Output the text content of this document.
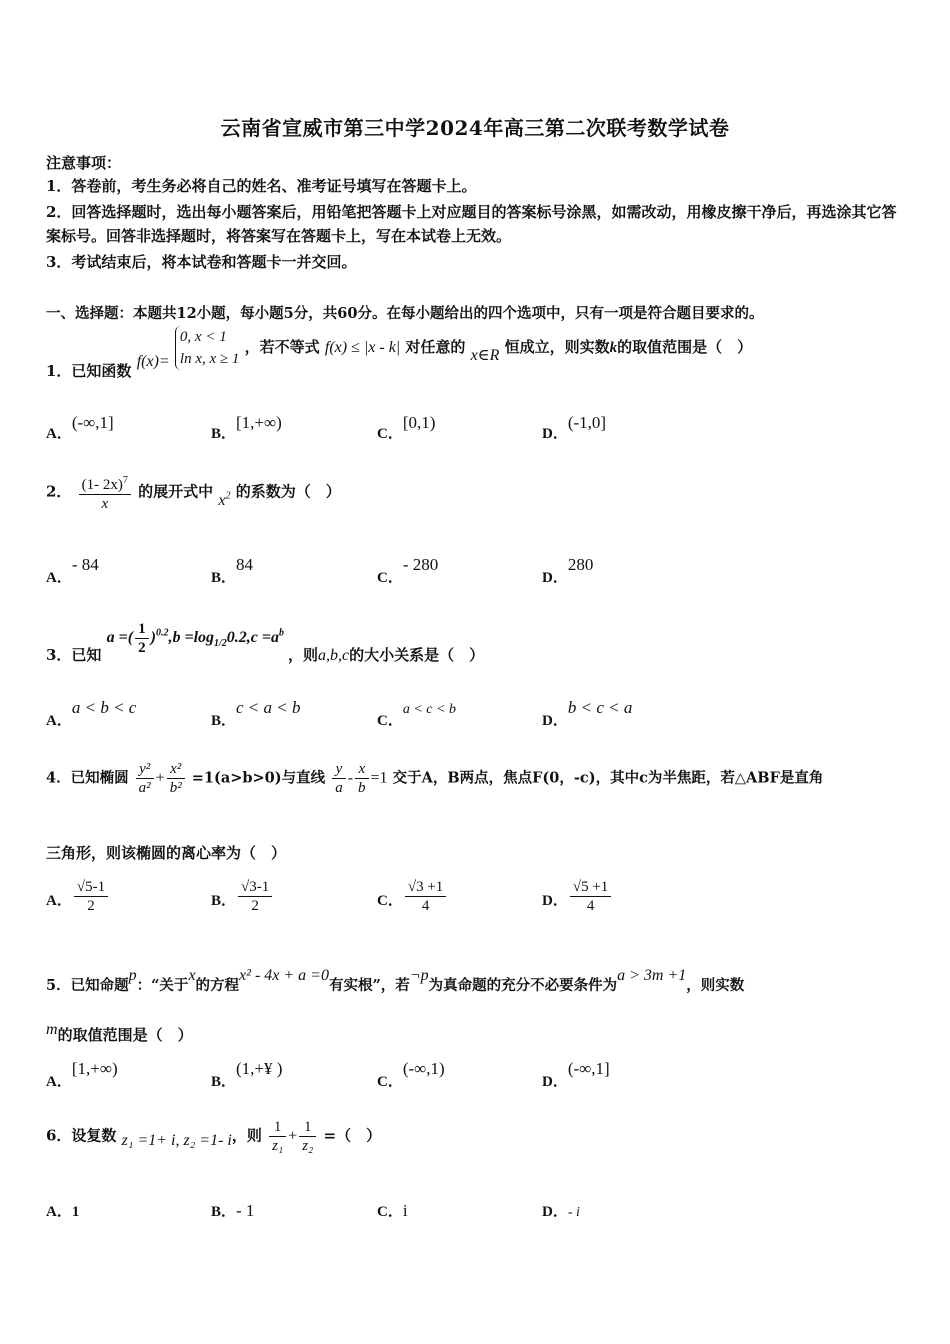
云南省宣威市第三中学2024年高三第二次联考数学试卷
注意事项：
1．答卷前，考生务必将自己的姓名、准考证号填写在答题卡上。
2．回答选择题时，选出每小题答案后，用铅笔把答题卡上对应题目的答案标号涂黑，如需改动，用橡皮擦干净后，再选涂其它答案标号。回答非选择题时，将答案写在答题卡上，写在本试卷上无效。
3．考试结束后，将本试卷和答题卡一并交回。
一、选择题：本题共12小题，每小题5分，共60分。在每小题给出的四个选项中，只有一项是符合题目要求的。
1．已知函数 f(x)=
0, x < 1
ln x, x ≥ 1
，若不等式 f(x) ≤ |x - k| 对任意的 x∈R 恒成立，则实数k的取值范围是（　）
A．(-∞,1]
B．[1,+∞)
C．[0,1)
D．(-1,0]
2． $\frac{(1- 2x)^7}{x}$ 的展开式中 $x^2$ 的系数为（　）
A．- 84
B．84
C．- 280
D．280
3．已知 a =( $\frac{1}{2} )^{0.2},b =\log_{1/2}0.2,c =a^b$ ，则a,b,c的大小关系是（　）
A．a < b < c
B．c < a < b
C．a < c < b
D．b < c < a
4．已知椭圆 $\frac{\text{y²}}{\text{a²}} + \frac{\text{x²}}{\text{b²}} =1(a>b>0)$与直线 $\frac{y}{a} - \frac{x}{b} =1$ 交于A，B两点，焦点F(0，-c)，其中c为半焦距，若△ABF是直角
三角形，则该椭圆的离心率为（　）
A． $\frac{√5-1}{2}$	B． $\frac{√3-1}{2}$	C． $\frac{√3 +1}{4}$	D． $\frac{√5 +1}{4}$
5．已知命题p：“关于x的方程x² - 4x + a =0有实根”，若¬p为真命题的充分不必要条件为a > 3m +1，则实数
m的取值范围是（　）
A．[1,+∞)
B．(1,+¥ )
C．(-∞,1)
D．(-∞,1]
6．设复数 z₁ =1+ i, z₂ =1- i，则 $\frac{1}{\text{z₁}} + \frac{1}{\text{z₂}}$ =（　）
A．1	B．- 1	C．i	D．- i
